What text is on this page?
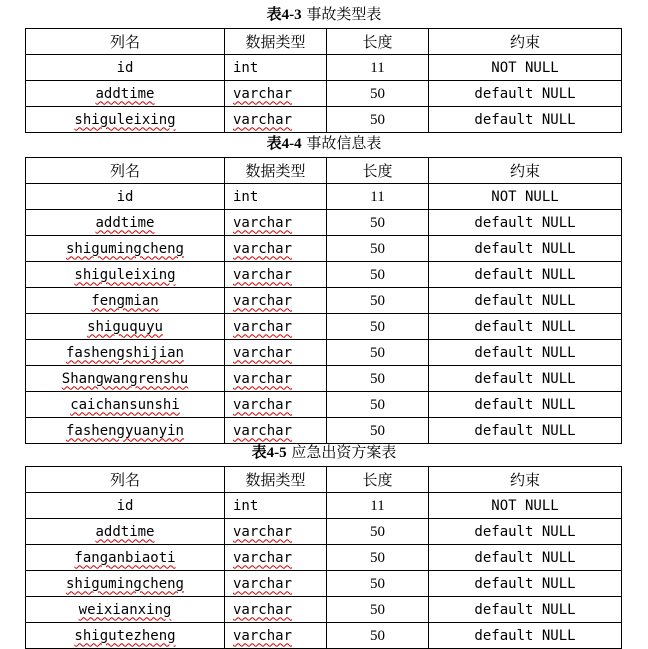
表4-3 事故类型表
列名	数据类型	长度	约束
id	int	11	NOT NULL
addtime	varchar	50	default NULL
shiguleixing	varchar	50	default NULL
表4-4 事故信息表
列名	数据类型	长度	约束
id	int	11	NOT NULL
addtime	varchar	50	default NULL
shigumingcheng	varchar	50	default NULL
shiguleixing	varchar	50	default NULL
fengmian	varchar	50	default NULL
shiguquyu	varchar	50	default NULL
fashengshijian	varchar	50	default NULL
Shangwangrenshu	varchar	50	default NULL
caichansunshi	varchar	50	default NULL
fashengyuanyin	varchar	50	default NULL
表4-5 应急出资方案表
列名	数据类型	长度	约束
id	int	11	NOT NULL
addtime	varchar	50	default NULL
fanganbiaoti	varchar	50	default NULL
shigumingcheng	varchar	50	default NULL
weixianxing	varchar	50	default NULL
shigutezheng	varchar	50	default NULL
